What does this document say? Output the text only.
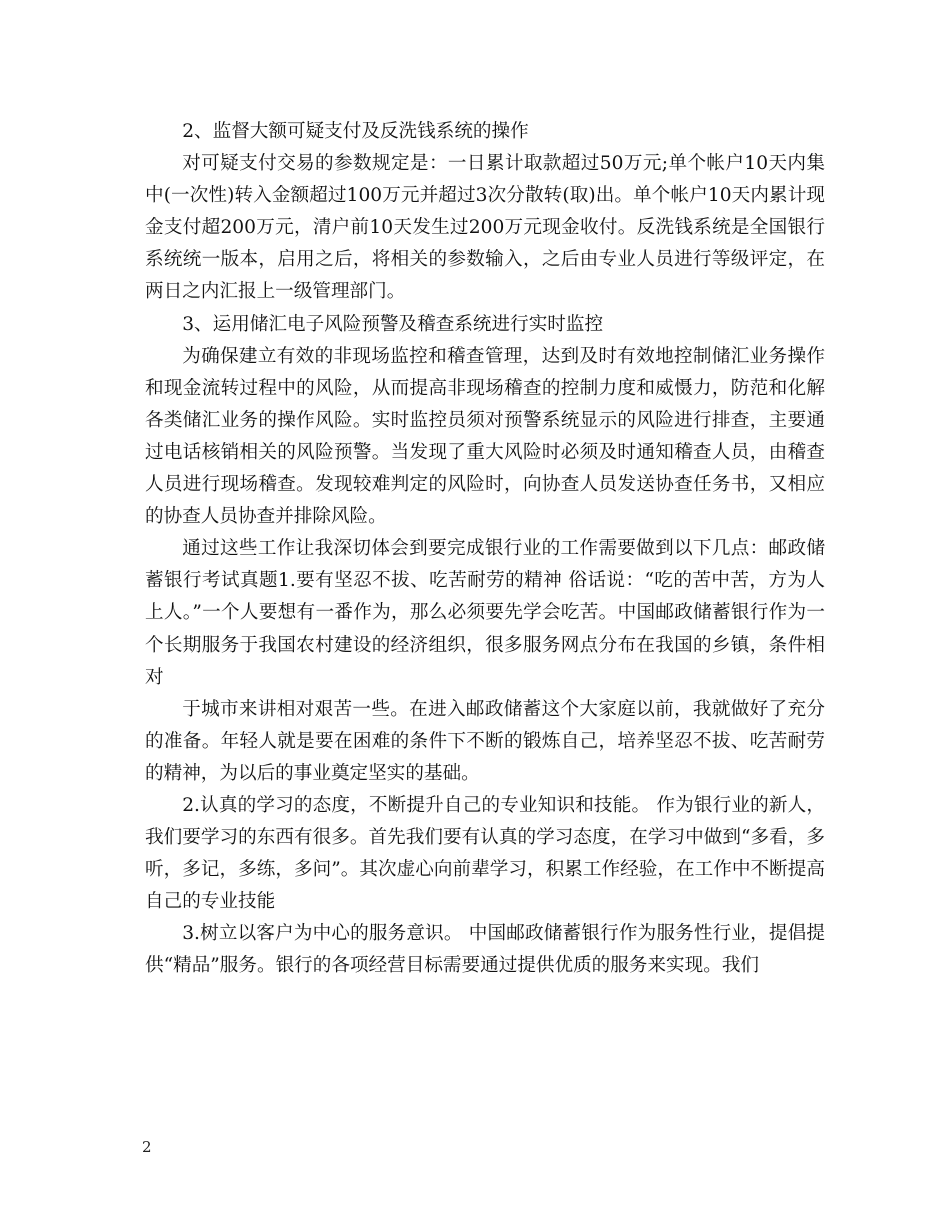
2、监督大额可疑支付及反洗钱系统的操作

对可疑支付交易的参数规定是：一日累计取款超过50万元;单个帐户10天内集中(一次性)转入金额超过100万元并超过3次分散转(取)出。单个帐户10天内累计现金支付超200万元，清户前10天发生过200万元现金收付。反洗钱系统是全国银行系统统一版本，启用之后，将相关的参数输入，之后由专业人员进行等级评定，在两日之内汇报上一级管理部门。

3、运用储汇电子风险预警及稽查系统进行实时监控

为确保建立有效的非现场监控和稽查管理，达到及时有效地控制储汇业务操作和现金流转过程中的风险，从而提高非现场稽查的控制力度和威慑力，防范和化解各类储汇业务的操作风险。实时监控员须对预警系统显示的风险进行排查，主要通过电话核销相关的风险预警。当发现了重大风险时必须及时通知稽查人员，由稽查人员进行现场稽查。发现较难判定的风险时，向协查人员发送协查任务书，又相应的协查人员协查并排除风险。

通过这些工作让我深切体会到要完成银行业的工作需要做到以下几点：邮政储蓄银行考试真题1.要有坚忍不拔、吃苦耐劳的精神 俗话说：“吃的苦中苦，方为人上人。”一个人要想有一番作为，那么必须要先学会吃苦。中国邮政储蓄银行作为一个长期服务于我国农村建设的经济组织，很多服务网点分布在我国的乡镇，条件相对

于城市来讲相对艰苦一些。在进入邮政储蓄这个大家庭以前，我就做好了充分的准备。年轻人就是要在困难的条件下不断的锻炼自己，培养坚忍不拔、吃苦耐劳的精神，为以后的事业奠定坚实的基础。

2.认真的学习的态度，不断提升自己的专业知识和技能。 作为银行业的新人，我们要学习的东西有很多。首先我们要有认真的学习态度，在学习中做到“多看，多听，多记，多练，多问”。其次虚心向前辈学习，积累工作经验，在工作中不断提高自己的专业技能

3.树立以客户为中心的服务意识。 中国邮政储蓄银行作为服务性行业，提倡提供“精品”服务。银行的各项经营目标需要通过提供优质的服务来实现。我们

2
